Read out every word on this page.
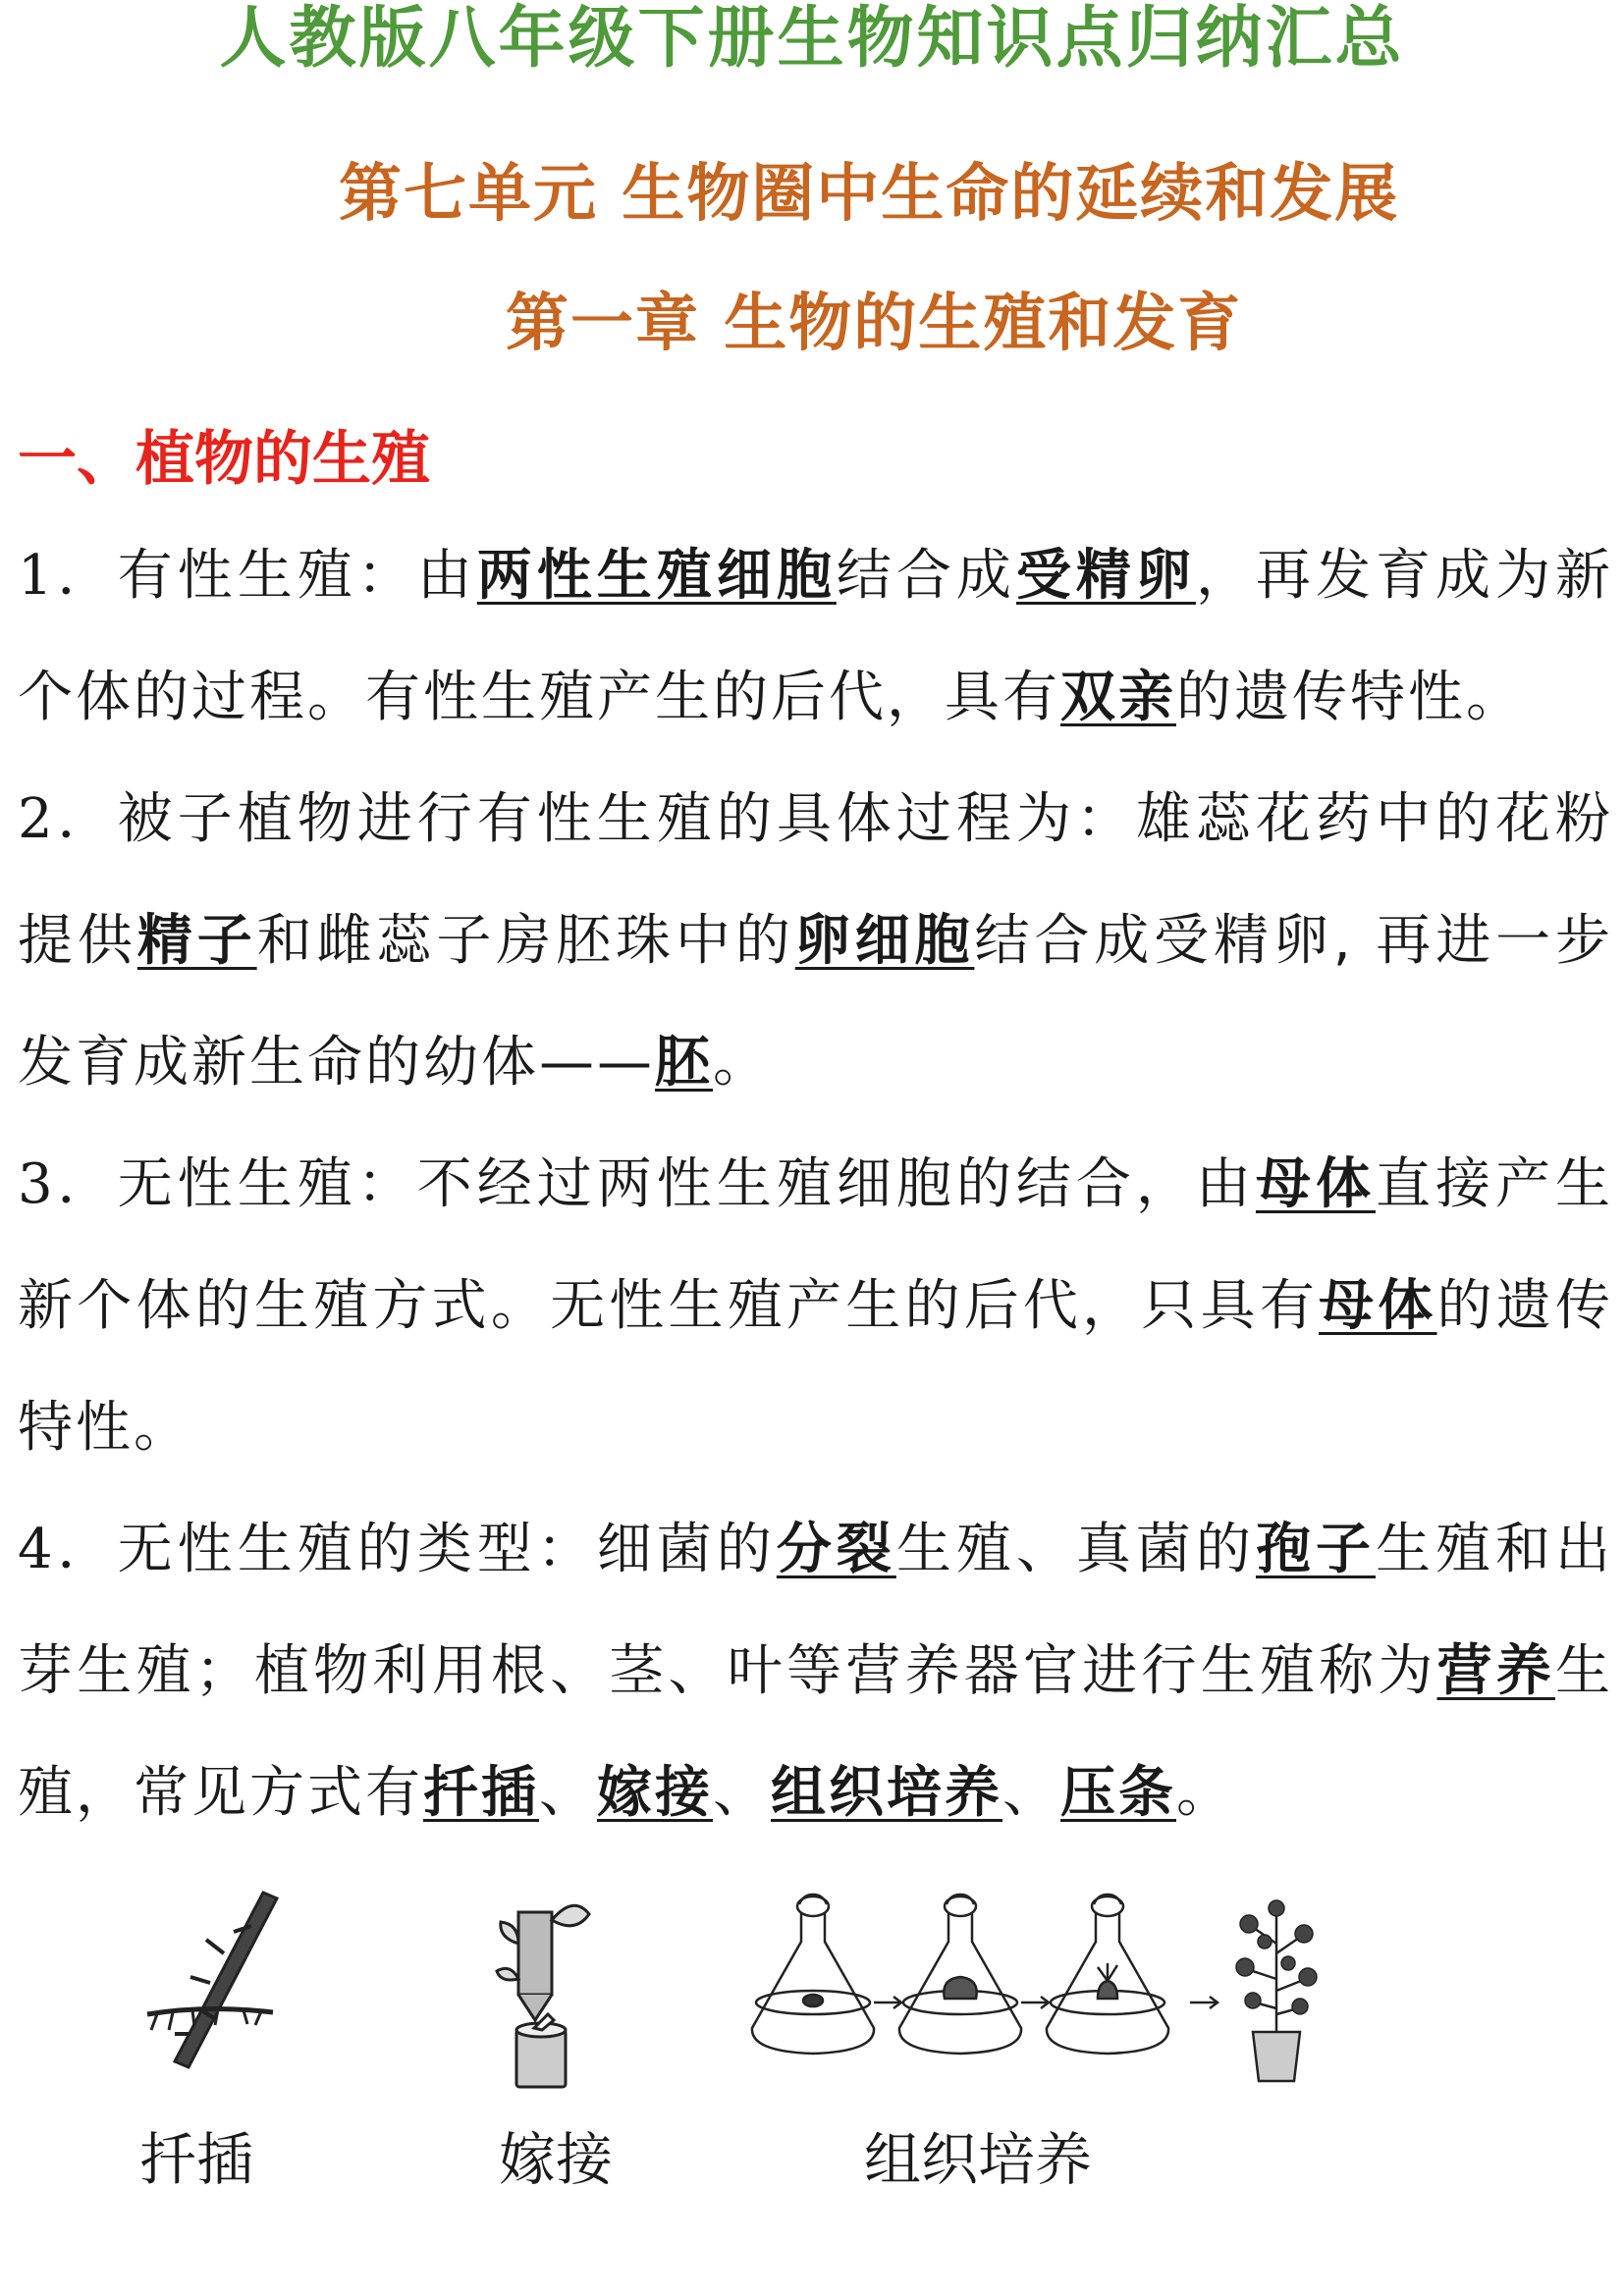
人教版八年级下册生物知识点归纳汇总
第七单元 生物圈中生命的延续和发展
第一章 生物的生殖和发育
一、植物的生殖

1．有性生殖：由两性生殖细胞结合成受精卵，再发育成为新个体的过程。有性生殖产生的后代，具有双亲的遗传特性。

2．被子植物进行有性生殖的具体过程为：雄蕊花药中的花粉提供精子和雌蕊子房胚珠中的卵细胞结合成受精卵, 再进一步发育成新生命的幼体——胚。

3．无性生殖：不经过两性生殖细胞的结合，由母体直接产生新个体的生殖方式。无性生殖产生的后代，只具有母体的遗传特性。

4．无性生殖的类型：细菌的分裂生殖、真菌的孢子生殖和出芽生殖；植物利用根、茎、叶等营养器官进行生殖称为营养生殖，常见方式有扦插、嫁接、组织培养、压条。

扦插	嫁接	组织培养
